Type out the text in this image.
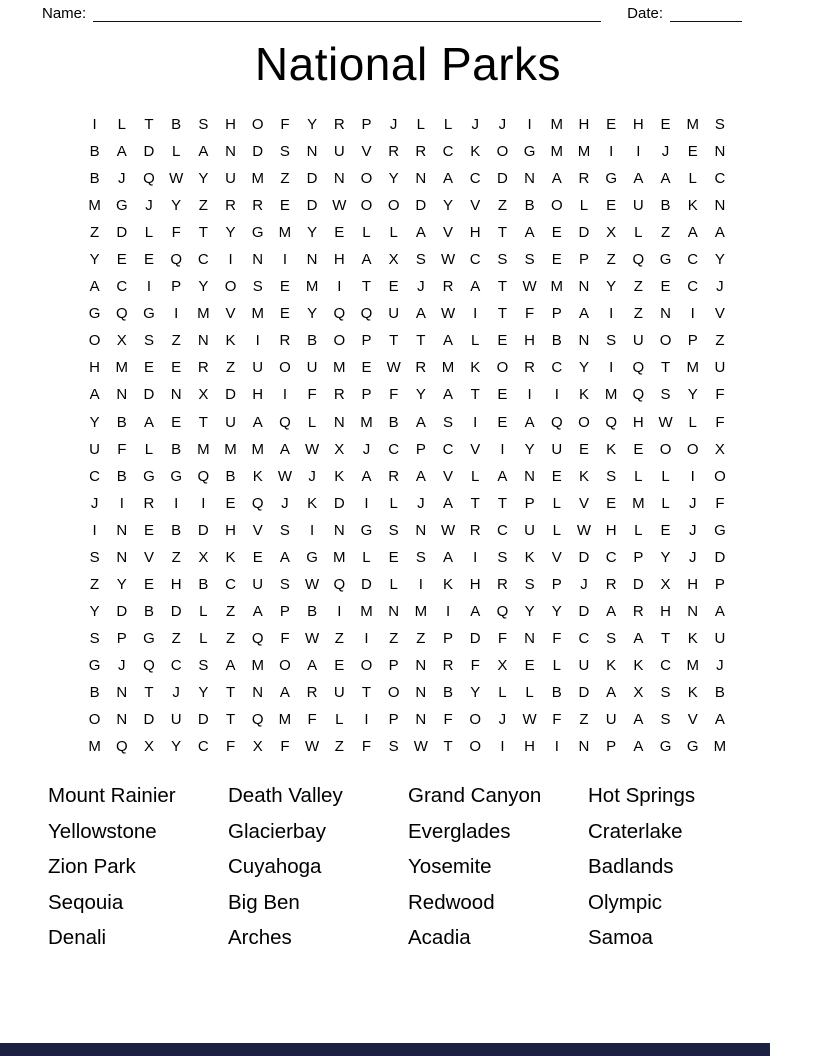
Name:	Date:
National Parks
I	L	T	B	S	H	O	F	Y	R	P	J	L	L	J	J	I	M	H	E	H	E	M	S
B	A	D	L	A	N	D	S	N	U	V	R	R	C	K	O	G	M M	I	I	J	E	N
B	J	Q W	Y	U	M	Z	D	N	O	Y	N	A	C	D	N	A	R	G	A	A	L	C
M	G	J	Y	Z	R	R	E	D W O	O	D	Y	V	Z	B	O	L	E	U	B	K	N
Z	D	L	F	T	Y	G	M	Y	E	L	L	A	V	H	T	A	E	D	X	L	Z	A	A
Y	E	E	Q	C	I	N	I	N	H	A	X	S	W C	S	S	E	P	Z	Q	G	C	Y
A	C	I	P	Y	O	S	E	M	I	T	E	J	R	A	T	W M	N	Y	Z	E	C	J
G	Q	G	I	M	V	M	E	Y	Q	Q	U	A	W	I	T	F	P	A	I	Z	N	I	V
O	X	S	Z	N	K	I	R	B	O	P	T	T	A	L	E	H	B	N	S	U	O	P	Z
H	M	E	E	R	Z	U	O	U	M	E	W R	M	K	O	R	C	Y	I	Q	T	M	U
A	N	D	N	X	D	H	I	F	R	P	F	Y	A	T	E	I	I	K	M	Q	S	Y	F
Y	B	A	E	T	U	A	Q	L	N	M	B	A	S	I	E	A	Q	O	Q	H W	L	F
U	F	L	B	M M M	A	W	X	J	C	P	C	V	I	Y	U	E	K	E	O	O	X
C	B	G	G	Q	B	K	W	J	K	A	R	A	V	L	A	N	E	K	S	L	L	I	O
J	I	R	I	I	E	Q	J	K	D	I	L	J	A	T	T	P	L	V	E	M	L	J	F
I	N	E	B	D	H	V	S	I	N	G	S	N W R	C	U	L	W H	L	E	J	G
S	N	V	Z	X	K	E	A	G	M	L	E	S	A	I	S	K	V	D	C	P	Y	J	D
Z	Y	E	H	B	C	U	S	W Q	D	L	I	K	H	R	S	P	J	R	D	X	H	P
Y	D	B	D	L	Z	A	P	B	I	M	N	M	I	A	Q	Y	Y	D	A	R	H	N	A
S	P	G	Z	L	Z	Q	F	W	Z	I	Z	Z	P	D	F	N	F	C	S	A	T	K	U
G	J	Q	C	S	A	M	O	A	E	O	P	N	R	F	X	E	L	U	K	K	C	M	J
B	N	T	J	Y	T	N	A	R	U	T	O	N	B	Y	L	L	B	D	A	X	S	K	B
O	N	D	U	D	T	Q	M	F	L	I	P	N	F	O	J	W	F	Z	U	A	S	V	A
M	Q	X	Y	C	F	X	F	W	Z	F	S	W	T	O	I	H	I	N	P	A	G	G	M
Mount Rainier
Yellowstone
Zion Park
Seqouia
Denali
Death Valley
Glacierbay
Cuyahoga
Big Ben
Arches
Grand Canyon
Everglades
Yosemite
Redwood
Acadia
Hot Springs
Craterlake
Badlands
Olympic
Samoa
